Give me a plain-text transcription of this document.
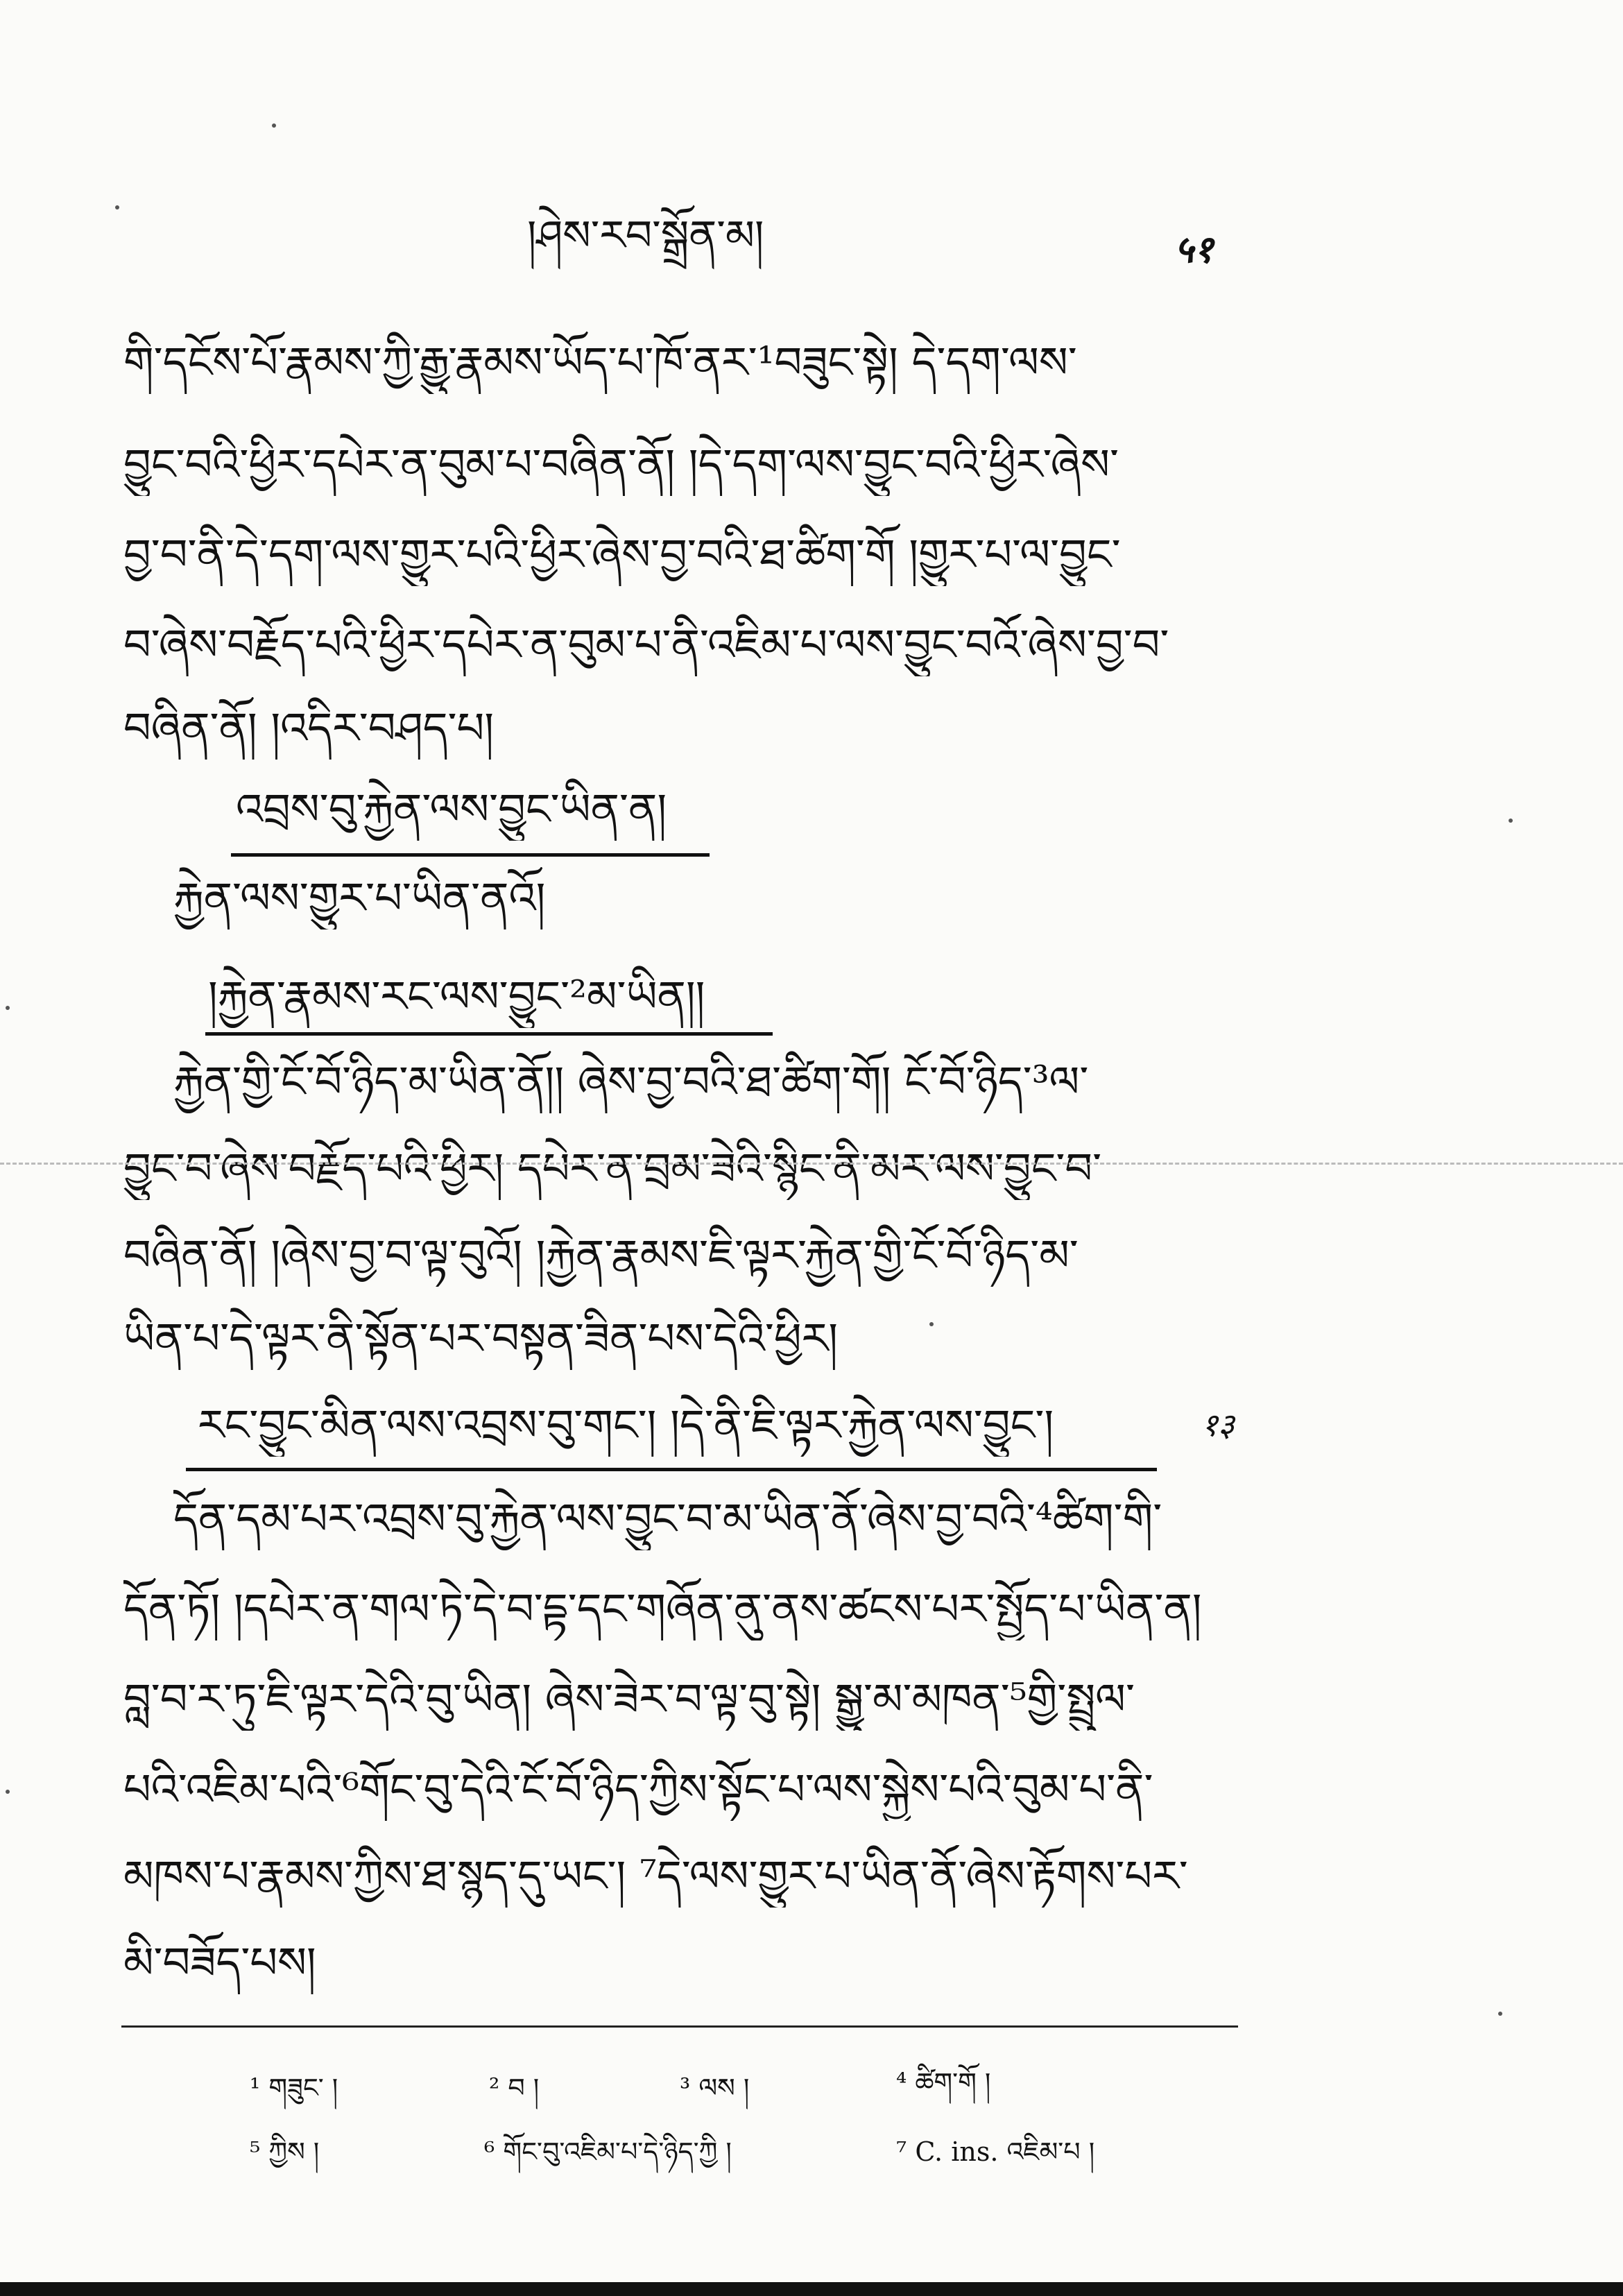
།ཤེས་རབ་སྒྲོན་མ།	५१
གི་དངོས་པོ་རྣམས་ཀྱི་རྒྱུ་རྣམས་ཡོད་པ་ཁོ་ནར་¹བཟུང་སྟེ། དེ་དག་ལས་
བྱུང་བའི་ཕྱིར་དཔེར་ན་བུམ་པ་བཞིན་ནོ། །དེ་དག་ལས་བྱུང་བའི་ཕྱིར་ཞེས་
བྱ་བ་ནི་དེ་དག་ལས་གྱུར་པའི་ཕྱིར་ཞེས་བྱ་བའི་ཐ་ཚིག་གོ །གྱུར་པ་ལ་བྱུང་
བ་ཞེས་བརྗོད་པའི་ཕྱིར་དཔེར་ན་བུམ་པ་ནི་འཇིམ་པ་ལས་བྱུང་བའོ་ཞེས་བྱ་བ་
བཞིན་ནོ། །འདིར་བཤད་པ།
འབྲས་བུ་རྐྱེན་ལས་བྱུང་ཡིན་ན།
རྐྱེན་ལས་གྱུར་པ་ཡིན་ནའོ།
།རྐྱེན་རྣམས་རང་ལས་བྱུང་²མ་ཡིན།།
རྐྱེན་གྱི་ངོ་བོ་ཉིད་མ་ཡིན་ནོ།། ཞེས་བྱ་བའི་ཐ་ཚིག་གོ། ངོ་བོ་ཉིད་³ལ་
བྱུང་བ་ཞེས་བརྗོད་པའི་ཕྱིར། དཔེར་ན་བྲམ་ཟེའི་སྙིང་ནི་མར་ལས་བྱུང་བ་
བཞིན་ནོ། །ཞེས་བྱ་བ་ལྟ་བུའོ། །རྐྱེན་རྣམས་ཇི་ལྟར་རྐྱེན་གྱི་ངོ་བོ་ཉིད་མ་
ཡིན་པ་དེ་ལྟར་ནི་སྟོན་པར་བསྟན་ཟིན་པས་དེའི་ཕྱིར།
རང་བྱུང་མིན་ལས་འབྲས་བུ་གང་། །དེ་ནི་ཇི་ལྟར་རྐྱེན་ལས་བྱུང་།	१३
དོན་དམ་པར་འབྲས་བུ་རྐྱེན་ལས་བྱུང་བ་མ་ཡིན་ནོ་ཞེས་བྱ་བའི་⁴ཚིག་གི་
དོན་ཏོ། །དཔེར་ན་གལ་ཏེ་དེ་བ་དྟ་དང་གཞོན་ནུ་ནས་ཚངས་པར་སྤྱོད་པ་ཡིན་ན།
བླ་བ་ར་ཏུ་ཇི་ལྟར་དེའི་བུ་ཡིན། ཞེས་ཟེར་བ་ལྟ་བུ་སྟེ། སྒྱུ་མ་མཁན་⁵གྱི་སྤྲུལ་
པའི་འཇིམ་པའི་⁶གོང་བུ་དེའི་ངོ་བོ་ཉིད་ཀྱིས་སྟོང་པ་ལས་སྐྱེས་པའི་བུམ་པ་ནི་
མཁས་པ་རྣམས་ཀྱིས་ཐ་སྙད་དུ་ཡང་། ⁷དེ་ལས་གྱུར་པ་ཡིན་ནོ་ཞེས་རྟོགས་པར་
མི་བཟོད་པས།
¹ གཟུང་ །	² བ །	³ ལས །	⁴ ཚིག་གོ །
⁵ ཀྱིས །	⁶ གོང་བུ་འཇིམ་པ་དེ་ཉིད་ཀྱི །	⁷ C. ins. འཇིམ་པ །
